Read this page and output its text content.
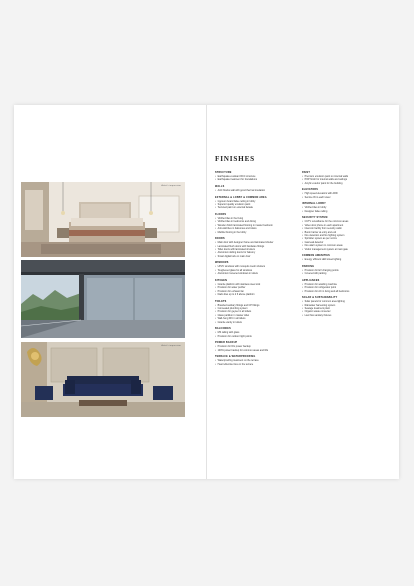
Artist's impression
Artist's impression
FINISHES
STRUCTURE
• Earthquake-resistant RCC structure
• Earthquake treatment for foundations
WALLS
• AAC blocks wall with good thermal insulation
EXTERNAL & LOBBY & COMMON AREA
• Gypsum board false ceiling in lobby
• Superior quality emulsion paint
• Textured paint on external facade
FLOORS
• Vitrified tiles in the living
• Vitrified tiles in bedrooms and dining
• Wooden finish laminated flooring in master bedroom
• Anti-skid tiles in balconies and toilets
• Marble flooring in the lobby
DOORS
• Main door with designer frame and laminated shutter
• Laminated flush doors with hardware fittings
• Toilet doors with laminated shutters
• Aluminium sliding doors for balcony
• Smart digital lock on main door
WINDOWS
• UPVC windows with mosquito mesh shutters
• Toughened glass for all windows
• Aluminium louvered windows in toilets
KITCHEN
• Granite platform with stainless steel sink
• Provision for water purifier
• Provision for exhaust fan
• Dado tiles up to 2 ft above platform
TOILETS
• Branded sanitary fittings and CP fittings
• Concealed plumbing system
• Provision for geyser in all toilets
• Glass partition in master toilet
• Wall-hung WC in all toilets
• Granite vanity in toilets
BALCONIES
• MS railing with glass
• Provision for outdoor light points
POWER BACKUP
• Provision for DG power backup
• 100% power backup for common areas and lifts
TERRACE & WATERPROOFING
• Waterproofing treatment on the terrace
• Heat reflective tiles on the terrace
PAINT
• Premium emulsion paint on internal walls
• POP finish for internal walls and ceilings
• Acrylic exterior paint for the building
ELEVATORS
• High speed elevators with ARD
• Service lift in each tower
INTERNAL LOBBY
• Vitrified tiles in lobby
• Designer false ceiling
SECURITY SYSTEM
• CCTV surveillance for the common areas
• Video door phone in each apartment
• Intercom facility from security cabin
• Boom barrier at entry and exit
• Fire detection and fire fighting system
• Sprinkler system as per norms
• Gas leak detector
• Fire alarm system in common areas
• Visitor management system at main gate
COMMON AMENITIES
• Energy efficient LED street lighting
PARKING
• Provision for EV charging points
• Covered stilt parking
APPLIANCES
• Provision for washing machine
• Provision for refrigerator point
• Provision for AC in living and all bedrooms
SOLAR & SUSTAINABILITY
• Solar panels for common area lighting
• Rainwater harvesting system
• Sewage treatment plant
• Organic waste converter
• Low flow sanitary fixtures
